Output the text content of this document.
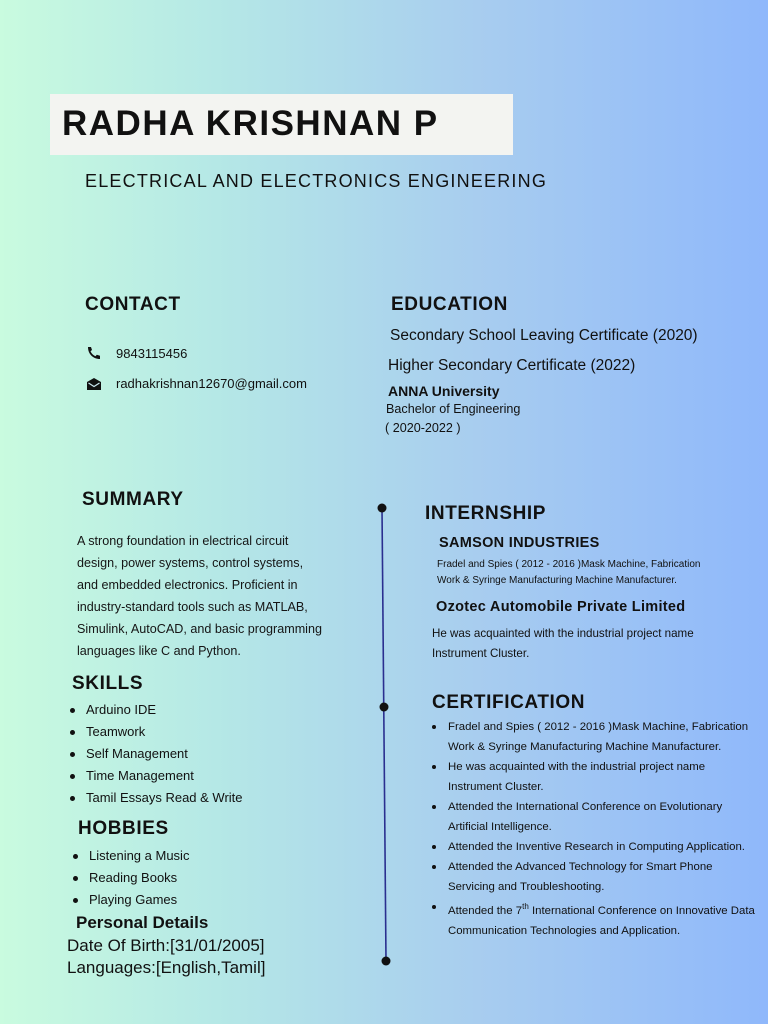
RADHA KRISHNAN P
ELECTRICAL AND ELECTRONICS ENGINEERING
CONTACT
9843115456
radhakrishnan12670@gmail.com
EDUCATION
Secondary School Leaving Certificate (2020)
Higher Secondary Certificate (2022)
ANNA University
Bachelor of Engineering
( 2020-2022 )
SUMMARY
A strong foundation in electrical circuit
design, power systems, control systems,
and embedded electronics. Proficient in
industry-standard tools such as MATLAB,
Simulink, AutoCAD, and basic programming
languages like C and Python.
SKILLS
Arduino IDE
Teamwork
Self Management
Time Management
Tamil Essays Read & Write
HOBBIES
Listening a Music
Reading Books
Playing Games
Personal Details
Date Of Birth:[31/01/2005]
Languages:[English,Tamil]
INTERNSHIP
SAMSON INDUSTRIES
Fradel and Spies ( 2012 - 2016 )Mask Machine, Fabrication
Work & Syringe Manufacturing Machine Manufacturer.
Ozotec Automobile Private Limited
He was acquainted with the industrial project name
Instrument Cluster.
CERTIFICATION
Fradel and Spies ( 2012 - 2016 )Mask Machine, Fabrication Work & Syringe Manufacturing Machine Manufacturer.
He was acquainted with the industrial project name Instrument Cluster.
Attended the International Conference on Evolutionary Artificial Intelligence.
Attended the Inventive Research in Computing Application.
Attended the Advanced Technology for Smart Phone Servicing and Troubleshooting.
Attended the 7th International Conference on Innovative Data Communication Technologies and Application.
